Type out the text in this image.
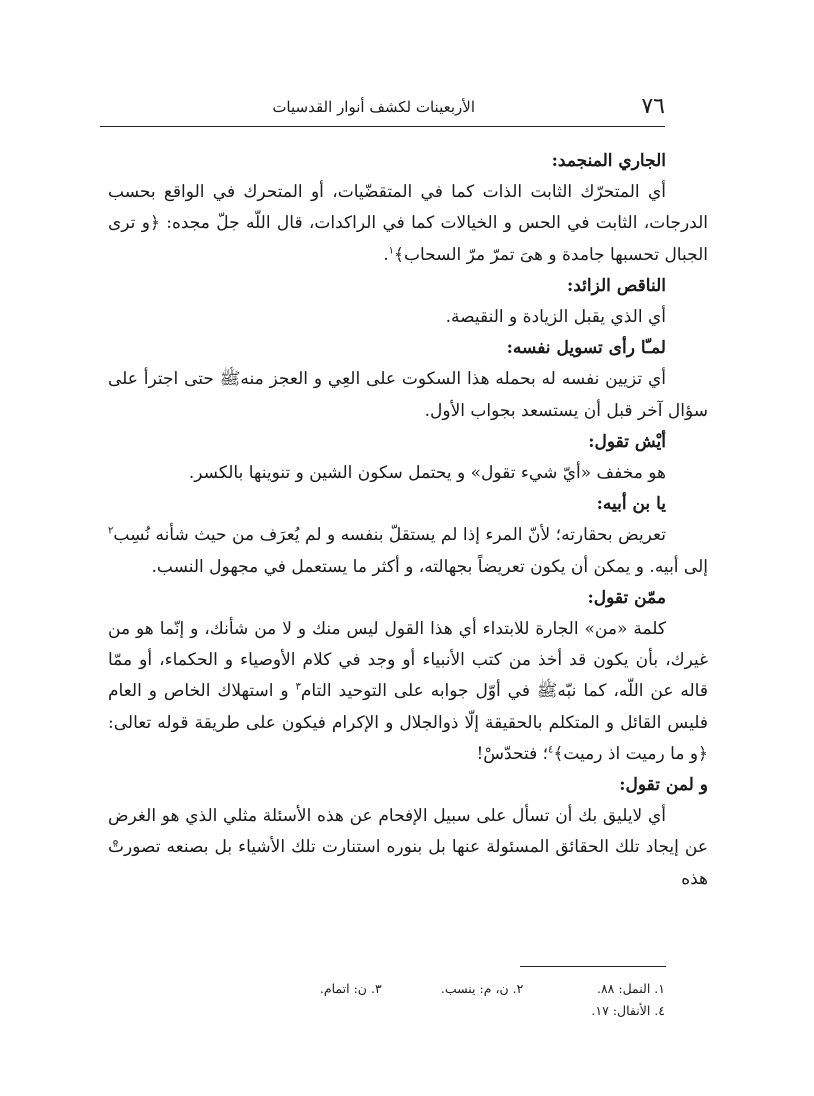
٧٦
الأربعينات لكشف أنوار القدسيات

الجاري المنجمد:

أي المتحرّك الثابت الذات كما في المتقضّيات، أو المتحرك في الواقع بحسب الدرجات، الثابت في الحس و الخيالات كما في الراكدات، قال اللّه جلّ مجده: ﴿و ترى الجبال تحسبها جامدة و هىَ تمرّ مرّ السحاب﴾$^١$.

الناقص الزائد:

أي الذي يقبل الزيادة و النقيصة.

لمـّا رأى تسويل نفسه:

أي تزيين نفسه له بحمله هذا السكوت على العِي و العجز منهﷺ حتى اجترأ على سؤال آخر قبل أن يستسعد بجواب الأول.

أيْش تقول:

هو مخفف «أيّ شيء تقول» و يحتمل سكون الشين و تنوينها بالكسر.

يا بن أبيه:

تعريض بحقارته؛ لأنّ المرء إذا لم يستقلّ بنفسه و لم يُعرَف من حيث شأنه نُسِب$^٢$ إلى أبيه. و يمكن أن يكون تعريضاً بجهالته، و أكثر ما يستعمل في مجهول النسب.

ممّن تقول:

كلمة «من» الجارة للابتداء أي هذا القول ليس منك و لا من شأنك، و إنّما هو من غيرك، بأن يكون قد أخذ من كتب الأنبياء أو وجد في كلام الأوصياء و الحكماء، أو ممّا قاله عن اللّه، كما نبّهﷺ في أوّل جوابه على التوحيد التام$^٣$ و استهلاك الخاص و العام فليس القائل و المتكلم بالحقيقة إلّا ذوالجلال و الإكرام فيكون على طريقة قوله تعالى: ﴿و ما رميت اذ رميت﴾$^٤$؛ فتحدّسْ!

و لمن تقول:

أي لايليق بك أن تسأل على سبيل الإفحام عن هذه الأسئلة مثلي الذي هو الغرض عن إيجاد تلك الحقائق المسئولة عنها بل بنوره استنارت تلك الأشياء بل بصنعه تصورتْ هذه

١. النمل: ٨٨.
٢. ن، م: ينسب.
٣. ن: اتمام.
٤. الأنفال: ١٧.
